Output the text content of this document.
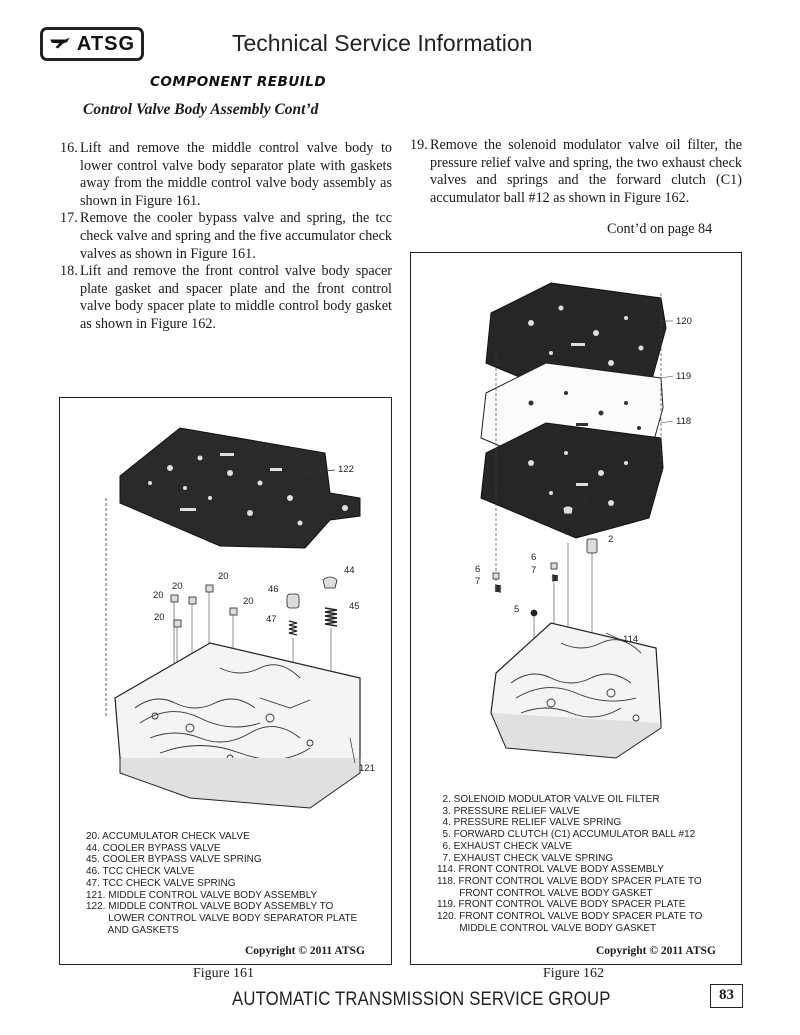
ATSG	Technical Service Information
COMPONENT REBUILD
Control Valve Body Assembly Cont’d
16. Lift and remove the middle control valve body to lower control valve body separator plate with gaskets away from the middle control valve body assembly as shown in Figure 161.
17. Remove the cooler bypass valve and spring, the tcc check valve and spring and the five accumulator check valves as shown in Figure 161.
18. Lift and remove the front control valve body spacer plate gasket and spacer plate and the front control valve body spacer plate to middle control body gasket as shown in Figure 162.
19. Remove the solenoid modulator valve oil filter, the pressure relief valve and spring, the two exhaust check valves and springs and the forward clutch (C1) accumulator ball #12 as shown in Figure 162.
Cont’d on page 84
122
20
20
20
20
20
46
47
44
45
121
20. ACCUMULATOR CHECK VALVE
44. COOLER BYPASS VALVE
45. COOLER BYPASS VALVE SPRING
46. TCC CHECK VALVE
47. TCC CHECK VALVE SPRING
121. MIDDLE CONTROL VALVE BODY ASSEMBLY
122. MIDDLE CONTROL VALVE BODY ASSEMBLY TO
LOWER CONTROL VALVE BODY SEPARATOR PLATE
AND GASKETS
Copyright © 2011 ATSG
Figure 161
120
119
118
3
4
2
6
7
6
7
5
114
2. SOLENOID MODULATOR VALVE OIL FILTER
3. PRESSURE RELIEF VALVE
4. PRESSURE RELIEF VALVE SPRING
5. FORWARD CLUTCH (C1) ACCUMULATOR BALL #12
6. EXHAUST CHECK VALVE
7. EXHAUST CHECK VALVE SPRING
114. FRONT CONTROL VALVE BODY ASSEMBLY
118. FRONT CONTROL VALVE BODY SPACER PLATE TO
FRONT CONTROL VALVE BODY GASKET
119. FRONT CONTROL VALVE BODY SPACER PLATE
120. FRONT CONTROL VALVE BODY SPACER PLATE TO
MIDDLE CONTROL VALVE BODY GASKET
Copyright © 2011 ATSG
Figure 162
AUTOMATIC TRANSMISSION SERVICE GROUP	83
